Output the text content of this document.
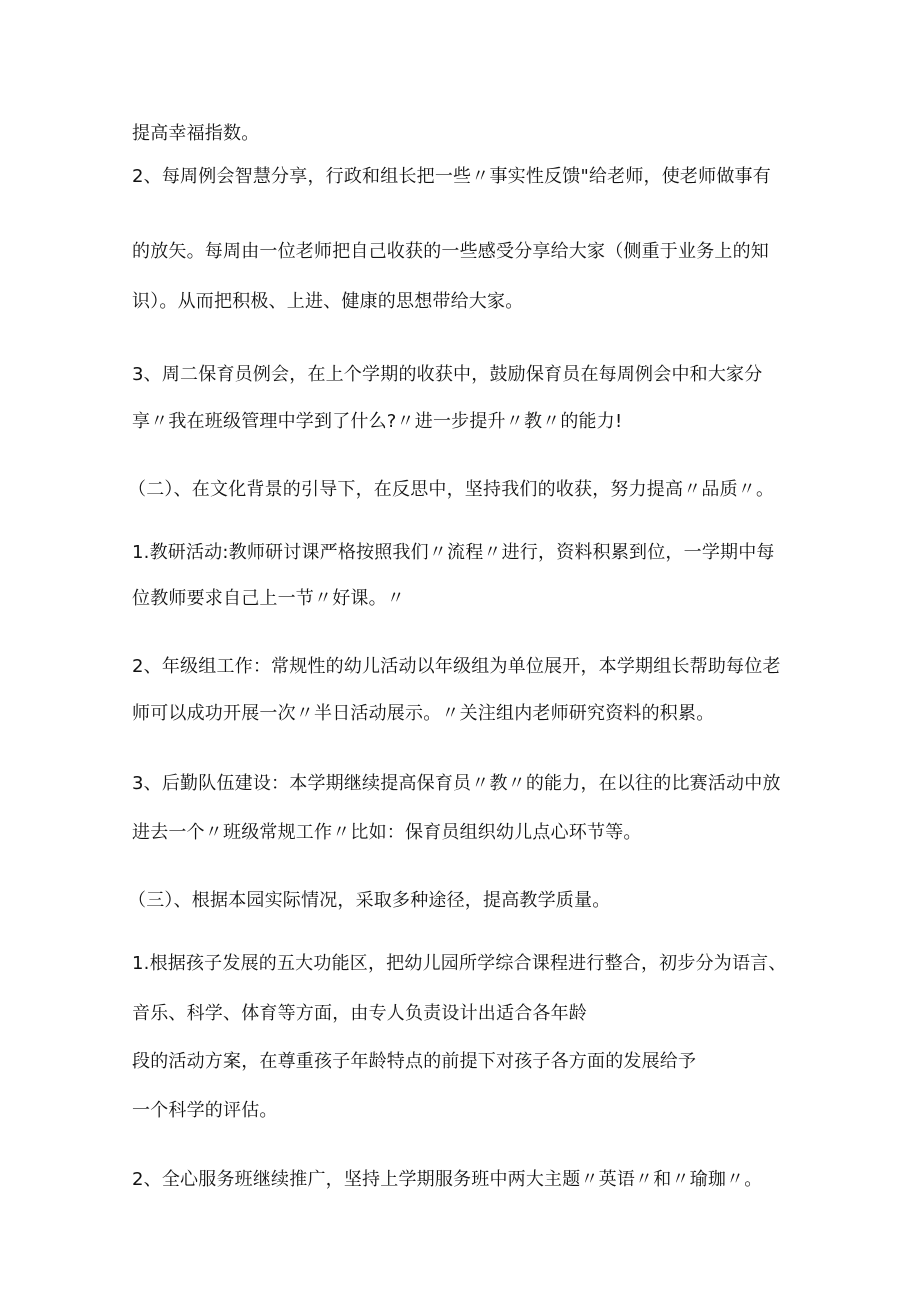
提高幸福指数。
2、每周例会智慧分享，行政和组长把一些〃事实性反馈"给老师，使老师做事有
的放矢。每周由一位老师把自己收获的一些感受分享给大家（侧重于业务上的知
识）。从而把积极、上进、健康的思想带给大家。
3、周二保育员例会，在上个学期的收获中，鼓励保育员在每周例会中和大家分
享〃我在班级管理中学到了什么?〃进一步提升〃教〃的能力!
（二）、在文化背景的引导下，在反思中，坚持我们的收获，努力提高〃品质〃。
1.教研活动:教师研讨课严格按照我们〃流程〃进行，资料积累到位，一学期中每
位教师要求自己上一节〃好课。〃
2、年级组工作：常规性的幼儿活动以年级组为单位展开，本学期组长帮助每位老
师可以成功开展一次〃半日活动展示。〃关注组内老师研究资料的积累。
3、后勤队伍建设：本学期继续提高保育员〃教〃的能力，在以往的比赛活动中放
进去一个〃班级常规工作〃比如：保育员组织幼儿点心环节等。
（三）、根据本园实际情况，采取多种途径，提高教学质量。
1.根据孩子发展的五大功能区，把幼儿园所学综合课程进行整合，初步分为语言、
音乐、科学、体育等方面，由专人负责设计出适合各年龄
段的活动方案，在尊重孩子年龄特点的前提下对孩子各方面的发展给予
一个科学的评估。
2、全心服务班继续推广，坚持上学期服务班中两大主题〃英语〃和〃瑜珈〃。
